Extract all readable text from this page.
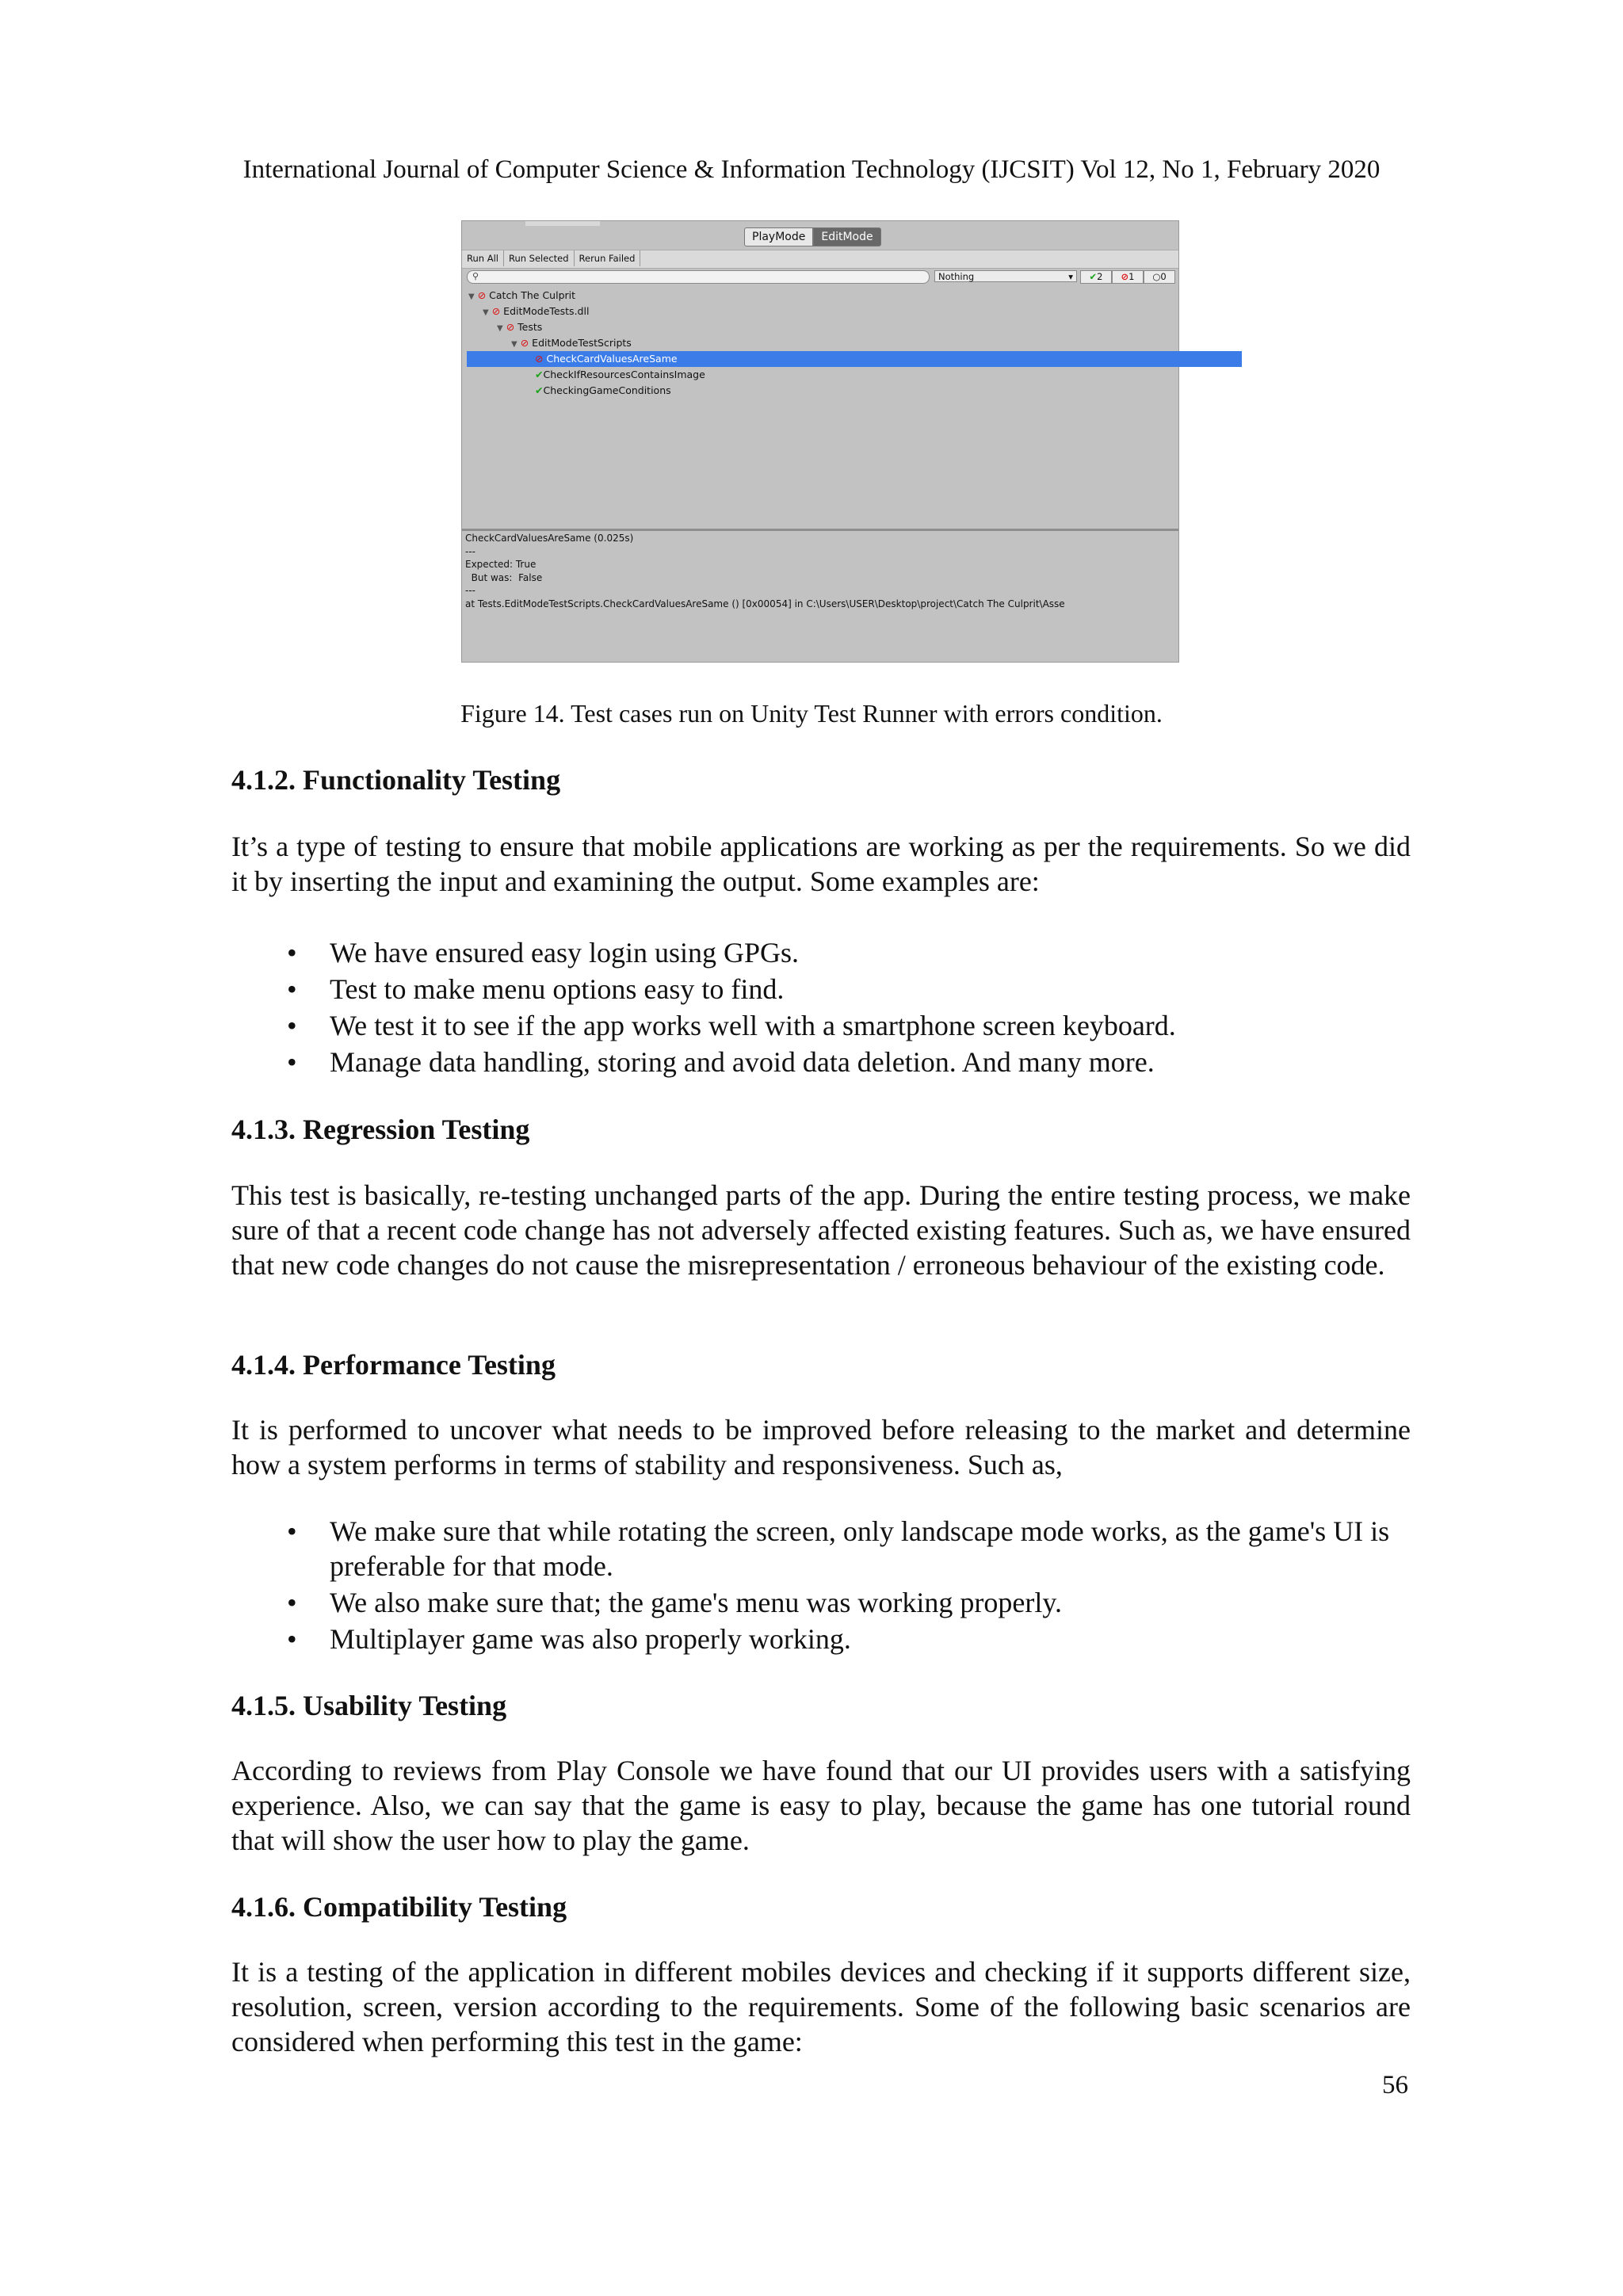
International Journal of Computer Science & Information Technology (IJCSIT) Vol 12, No 1, February 2020
PlayMode	EditMode
Run All Run Selected Rerun Failed
⚲	Nothing	▾	✔2	⊘1	○0
▼ ⊘ Catch The Culprit
▼ ⊘ EditModeTests.dll
▼ ⊘ Tests
▼ ⊘ EditModeTestScripts
⊘ CheckCardValuesAreSame
✔CheckIfResourcesContainsImage
✔CheckingGameConditions
CheckCardValuesAreSame (0.025s)
---
Expected: True
But was:  False
---
at Tests.EditModeTestScripts.CheckCardValuesAreSame () [0x00054] in C:\Users\USER\Desktop\project\Catch The Culprit\Asse
Figure 14. Test cases run on Unity Test Runner with errors condition.
4.1.2. Functionality Testing

It’s a type of testing to ensure that mobile applications are working as per the requirements. So we did it by inserting the input and examining the output. Some examples are:

• We have ensured easy login using GPGs.
• Test to make menu options easy to find.
• We test it to see if the app works well with a smartphone screen keyboard.
• Manage data handling, storing and avoid data deletion. And many more.
4.1.3. Regression Testing

This test is basically, re-testing unchanged parts of the app. During the entire testing process, we make sure of that a recent code change has not adversely affected existing features. Such as, we have ensured that new code changes do not cause the misrepresentation / erroneous behaviour of the existing code.

4.1.4. Performance Testing

It is performed to uncover what needs to be improved before releasing to the market and determine how a system performs in terms of stability and responsiveness. Such as,

• We make sure that while rotating the screen, only landscape mode works, as the game's UI is preferable for that mode.
• We also make sure that; the game's menu was working properly.
• Multiplayer game was also properly working.
4.1.5. Usability Testing

According to reviews from Play Console we have found that our UI provides users with a satisfying experience. Also, we can say that the game is easy to play, because the game has one tutorial round that will show the user how to play the game.

4.1.6. Compatibility Testing

It is a testing of the application in different mobiles devices and checking if it supports different size, resolution, screen, version according to the requirements. Some of the following basic scenarios are considered when performing this test in the game:

56
